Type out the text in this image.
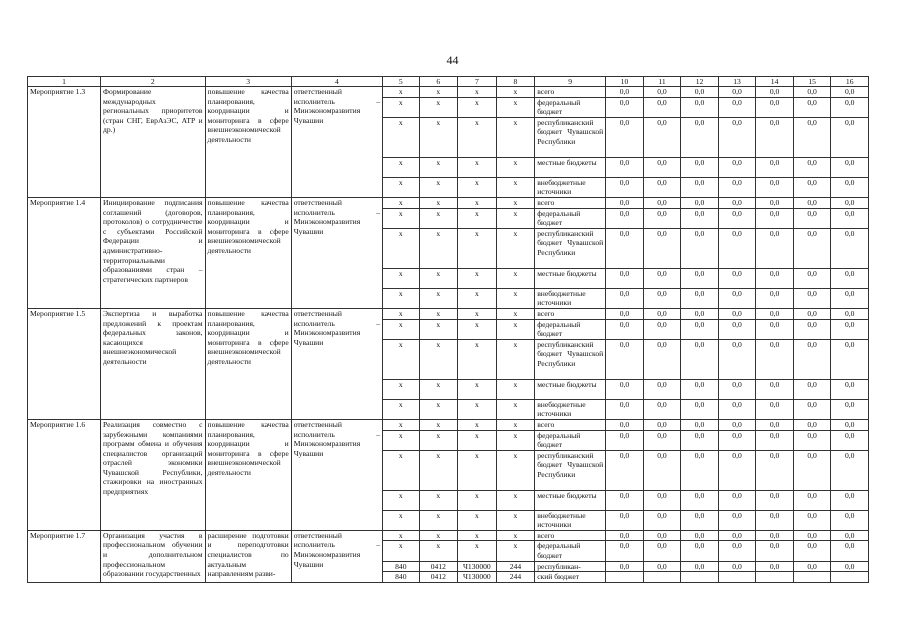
44
1	2	3	4	5	6	7	8	9	10	11	12	13	14	15	16
Мероприятие 1.3	Формирование международных региональных приоритетов (стран СНГ, ЕврАзЭС, АТР и др.)	повышение качества планирования, координации и мониторинга в сфере внешнеэкономической деятельности	ответственный исполнитель – Минэкономразвития Чувашии	x	x	x	x	всего	0,0	0,0	0,0	0,0	0,0	0,0	0,0
				x	x	x	x	федеральный бюджет	0,0	0,0	0,0	0,0	0,0	0,0	0,0
				x	x	x	x	республиканский бюджет Чувашской Республики	0,0	0,0	0,0	0,0	0,0	0,0	0,0
				x	x	x	x	местные бюджеты	0,0	0,0	0,0	0,0	0,0	0,0	0,0
				x	x	x	x	внебюджетные источники	0,0	0,0	0,0	0,0	0,0	0,0	0,0
Мероприятие 1.4	Инициирование подписания соглашений (договоров, протоколов) о сотрудничестве с субъектами Российской Федерации и административно-территориальными образованиями стран – стратегических партнеров	повышение качества планирования, координации и мониторинга в сфере внешнеэкономической деятельности	ответственный исполнитель – Минэкономразвития Чувашии	x	x	x	x	всего	0,0	0,0	0,0	0,0	0,0	0,0	0,0
				x	x	x	x	федеральный бюджет	0,0	0,0	0,0	0,0	0,0	0,0	0,0
				x	x	x	x	республиканский бюджет Чувашской Республики	0,0	0,0	0,0	0,0	0,0	0,0	0,0
				x	x	x	x	местные бюджеты	0,0	0,0	0,0	0,0	0,0	0,0	0,0
				x	x	x	x	внебюджетные источники	0,0	0,0	0,0	0,0	0,0	0,0	0,0
Мероприятие 1.5	Экспертиза и выработка предложений к проектам федеральных законов, касающихся внешнеэкономической деятельности	повышение качества планирования, координации и мониторинга в сфере внешнеэкономической деятельности	ответственный исполнитель – Минэкономразвития Чувашии	x	x	x	x	всего	0,0	0,0	0,0	0,0	0,0	0,0	0,0
				x	x	x	x	федеральный бюджет	0,0	0,0	0,0	0,0	0,0	0,0	0,0
				x	x	x	x	республиканский бюджет Чувашской Республики	0,0	0,0	0,0	0,0	0,0	0,0	0,0
				x	x	x	x	местные бюджеты	0,0	0,0	0,0	0,0	0,0	0,0	0,0
				x	x	x	x	внебюджетные источники	0,0	0,0	0,0	0,0	0,0	0,0	0,0
Мероприятие 1.6	Реализация совместно с зарубежными компаниями программ обмена и обучения специалистов организаций отраслей экономики Чувашской Республики, стажировки на иностранных предприятиях	повышение качества планирования, координации и мониторинга в сфере внешнеэкономической деятельности	ответственный исполнитель – Минэкономразвития Чувашии	x	x	x	x	всего	0,0	0,0	0,0	0,0	0,0	0,0	0,0
				x	x	x	x	федеральный бюджет	0,0	0,0	0,0	0,0	0,0	0,0	0,0
				x	x	x	x	республиканский бюджет Чувашской Республики	0,0	0,0	0,0	0,0	0,0	0,0	0,0
				x	x	x	x	местные бюджеты	0,0	0,0	0,0	0,0	0,0	0,0	0,0
				x	x	x	x	внебюджетные источники	0,0	0,0	0,0	0,0	0,0	0,0	0,0
Мероприятие 1.7	Организация участия в профессиональном обучении и дополнительном профессиональном образовании государственных	расширение подготовки и переподготовки специалистов по актуальным направлениям разви-	ответственный исполнитель – Минэкономразвития Чувашии	x	x	x	x	всего	0,0	0,0	0,0	0,0	0,0	0,0	0,0
				x	x	x	x	федеральный бюджет	0,0	0,0	0,0	0,0	0,0	0,0	0,0
				840	0412	Ч130000	244	республикан-	0,0	0,0	0,0	0,0	0,0	0,0	0,0
				840	0412	Ч130000	244	ский бюджет							
